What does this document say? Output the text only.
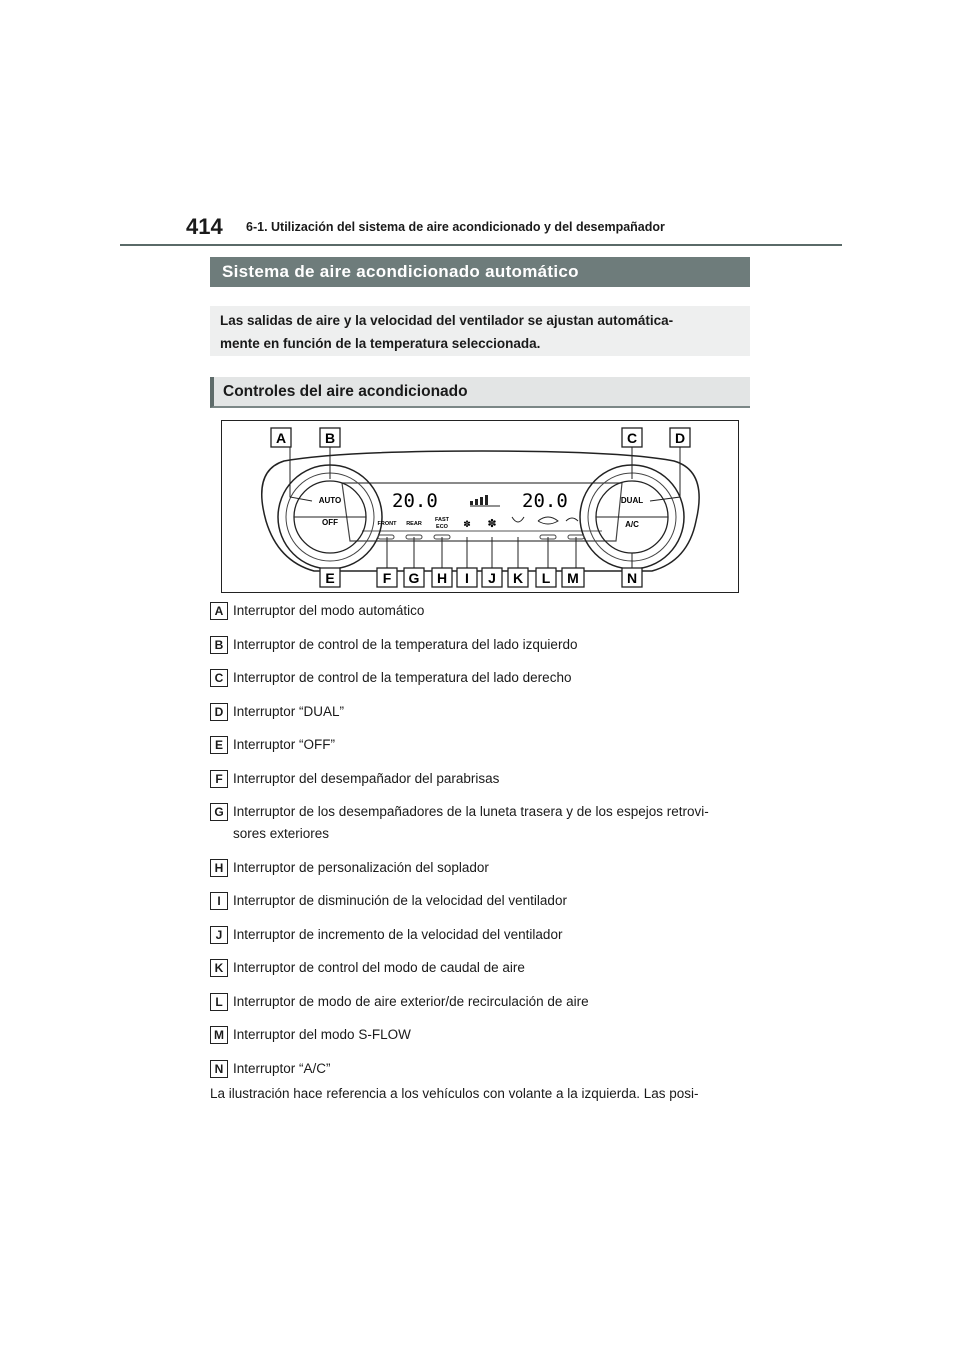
414 6-1. Utilización del sistema de aire acondicionado y del desempañador
Sistema de aire acondicionado automático
Las salidas de aire y la velocidad del ventilador se ajustan automática-
mente en función de la temperatura seleccionada.
Controles del aire acondicionado
AUTO
OFF
DUAL
A/C
20.0	20.0
FRONT REAR
FAST
ECO ✽ ✽
A	B	C	D
E	F G H I J K L M	N
A Interruptor del modo automático
B Interruptor de control de la temperatura del lado izquierdo
C Interruptor de control de la temperatura del lado derecho
D Interruptor “DUAL”
E Interruptor “OFF”
F Interruptor del desempañador del parabrisas
G Interruptor de los desempañadores de la luneta trasera y de los espejos retrovi-
sores exteriores
H Interruptor de personalización del soplador
I Interruptor de disminución de la velocidad del ventilador
J Interruptor de incremento de la velocidad del ventilador
K Interruptor de control del modo de caudal de aire
L Interruptor de modo de aire exterior/de recirculación de aire
M Interruptor del modo S-FLOW
N Interruptor “A/C”
La ilustración hace referencia a los vehículos con volante a la izquierda. Las posi-
